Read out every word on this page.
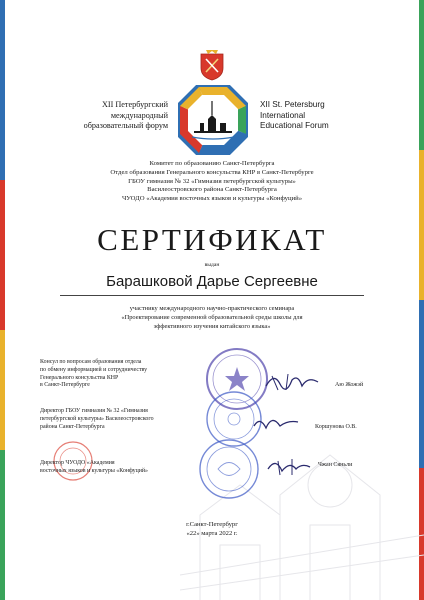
XII Петербургский
международный
образовательный форум
XII St. Petersburg
International
Educational Forum
Комитет по образованию Санкт-Петербурга
Отдел образования Генерального консульства КНР в Санкт-Петербурге
ГБОУ гимназия № 32 «Гимназия петербургской культуры»
Василеостровского района Санкт-Петербурга
ЧУОДО «Академия восточных языков и культуры «Конфуций»
СЕРТИФИКАТ
выдан
Барашковой Дарье Сергеевне
участнику международного научно-практического семинара
«Проектирование современной образовательной среды школы для
эффективного изучения китайского языка»
Консул по вопросам образования отдела
по обмену информацией и сотрудничеству
Генерального консульства КНР
в Санкт-Петербурге	Аю Жожэй
Директор ГБОУ гимназия № 32 «Гимназия
петербургской культуры» Василеостровского
района Санкт-Петербурга	Коршунова О.В.
Директор ЧУОДО «Академия
восточных языков и культуры «Конфуций»
Чжан Сяньли
г.Санкт-Петербург
«22» марта 2022 г.
